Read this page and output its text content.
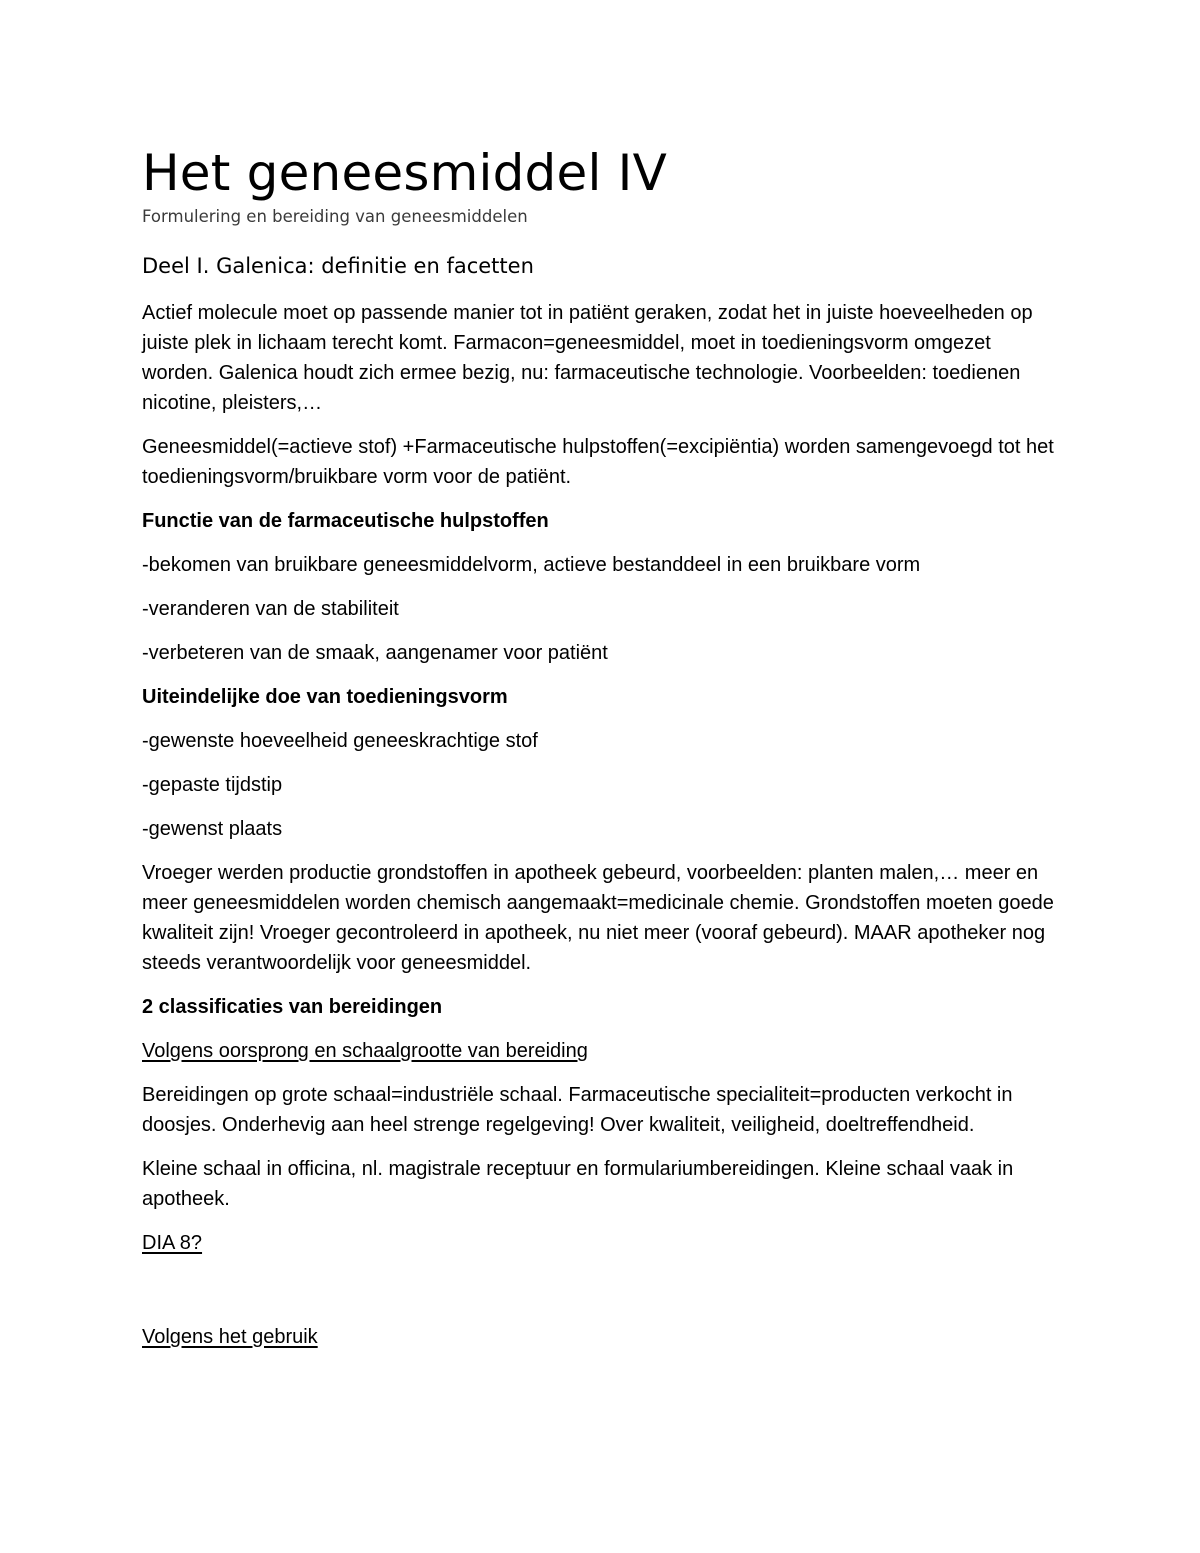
Het geneesmiddel IV

Formulering en bereiding van geneesmiddelen

Deel I. Galenica: definitie en facetten

Actief molecule moet op passende manier tot in patiënt geraken, zodat het in juiste hoeveelheden op juiste plek in lichaam terecht komt. Farmacon=geneesmiddel, moet in toedieningsvorm omgezet worden. Galenica houdt zich ermee bezig, nu: farmaceutische technologie. Voorbeelden: toedienen nicotine, pleisters,…

Geneesmiddel(=actieve stof) +Farmaceutische hulpstoffen(=excipiëntia) worden samengevoegd tot het toedieningsvorm/bruikbare vorm voor de patiënt.

Functie van de farmaceutische hulpstoffen

-bekomen van bruikbare geneesmiddelvorm, actieve bestanddeel in een bruikbare vorm

-veranderen van de stabiliteit

-verbeteren van de smaak, aangenamer voor patiënt

Uiteindelijke doe van toedieningsvorm

-gewenste hoeveelheid geneeskrachtige stof

-gepaste tijdstip

-gewenst plaats

Vroeger werden productie grondstoffen in apotheek gebeurd, voorbeelden: planten malen,… meer en meer geneesmiddelen worden chemisch aangemaakt=medicinale chemie. Grondstoffen moeten goede kwaliteit zijn! Vroeger gecontroleerd in apotheek, nu niet meer (vooraf gebeurd). MAAR apotheker nog steeds verantwoordelijk voor geneesmiddel.

2 classificaties van bereidingen

Volgens oorsprong en schaalgrootte van bereiding

Bereidingen op grote schaal=industriële schaal. Farmaceutische specialiteit=producten verkocht in doosjes. Onderhevig aan heel strenge regelgeving! Over kwaliteit, veiligheid, doeltreffendheid.

Kleine schaal in officina, nl. magistrale receptuur en formulariumbereidingen. Kleine schaal vaak in apotheek.

DIA 8?

Volgens het gebruik
